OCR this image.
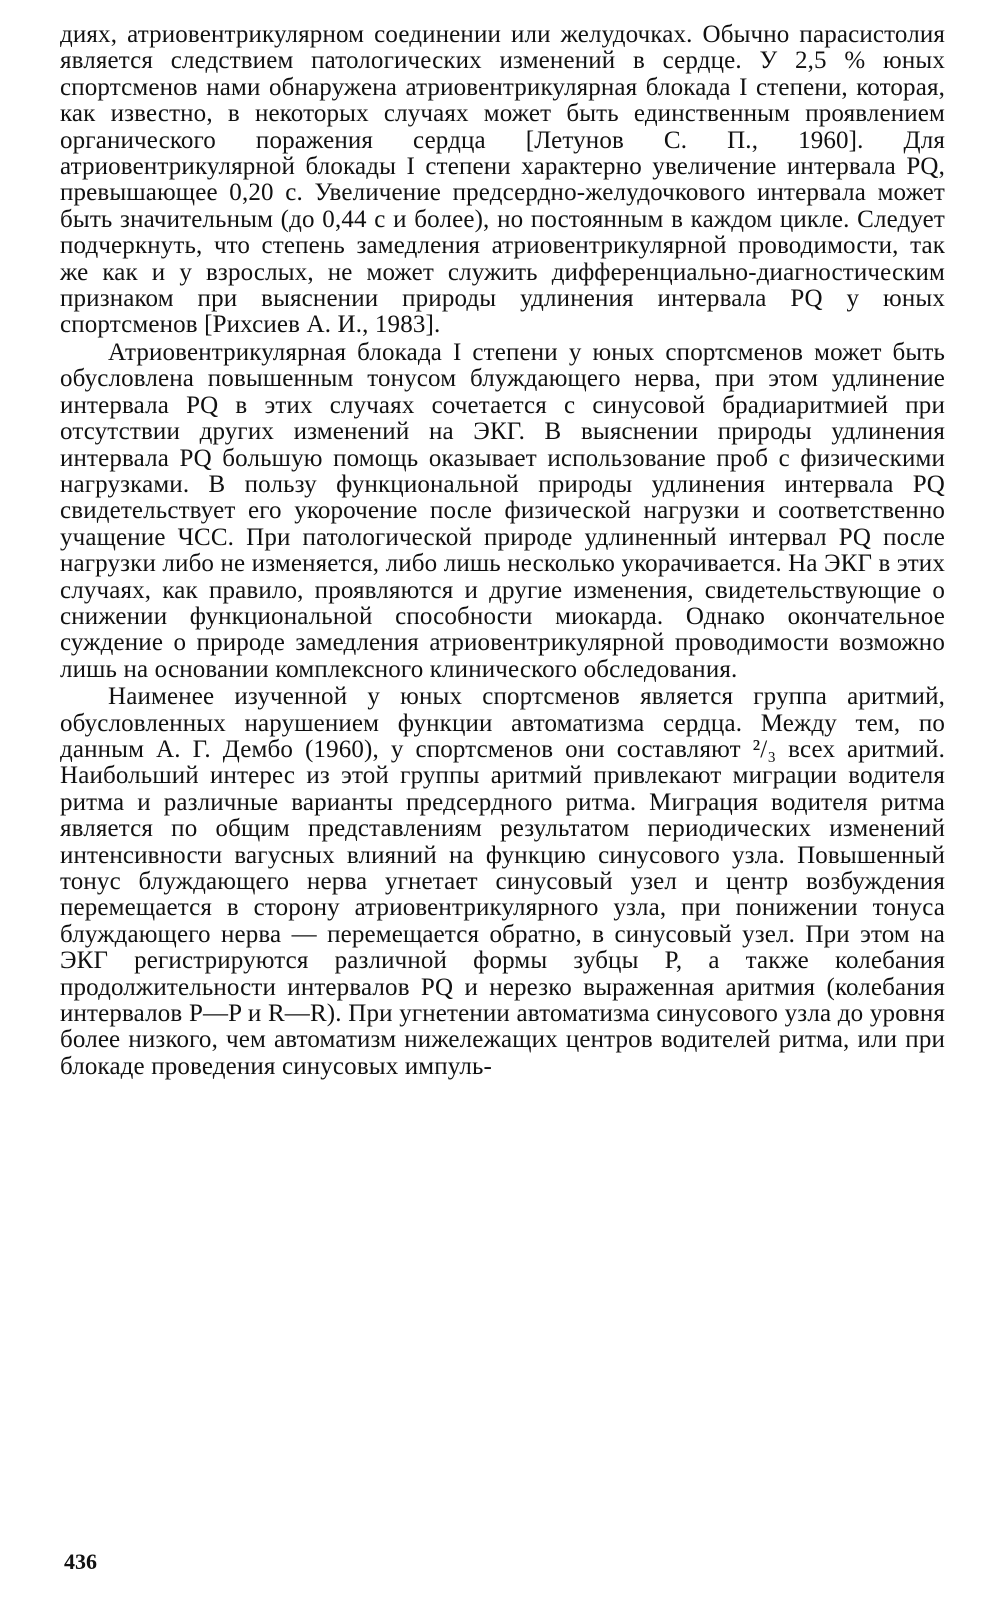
диях, атриовентрикулярном соединении или желудочках. Обычно парасистолия является следствием патологических изменений в сердце. У 2,5 % юных спортсменов нами обнаружена атриовентрикулярная блокада I степени, которая, как известно, в некоторых случаях может быть единственным проявлением органического поражения сердца [Летунов С. П., 1960]. Для атриовентрикулярной блокады I степени характерно увеличение интервала PQ, превышающее 0,20 с. Увеличение предсердно-желудочкового интервала может быть значительным (до 0,44 с и более), но постоянным в каждом цикле. Следует подчеркнуть, что степень замедления атриовентрикулярной проводимости, так же как и у взрослых, не может служить дифференциально-диагностическим признаком при выяснении природы удлинения интервала PQ у юных спортсменов [Рихсиев А. И., 1983].

Атриовентрикулярная блокада I степени у юных спортсменов может быть обусловлена повышенным тонусом блуждающего нерва, при этом удлинение интервала PQ в этих случаях сочетается с синусовой брадиаритмией при отсутствии других изменений на ЭКГ. В выяснении природы удлинения интервала PQ большую помощь оказывает использование проб с физическими нагрузками. В пользу функциональной природы удлинения интервала PQ свидетельствует его укорочение после физической нагрузки и соответственно учащение ЧСС. При патологической природе удлиненный интервал PQ после нагрузки либо не изменяется, либо лишь несколько укорачивается. На ЭКГ в этих случаях, как правило, проявляются и другие изменения, свидетельствующие о снижении функциональной способности миокарда. Однако окончательное суждение о природе замедления атриовентрикулярной проводимости возможно лишь на основании комплексного клинического обследования.

Наименее изученной у юных спортсменов является группа аритмий, обусловленных нарушением функции автоматизма сердца. Между тем, по данным А. Г. Дембо (1960), у спортсменов они составляют ²/₃ всех аритмий. Наибольший интерес из этой группы аритмий привлекают миграции водителя ритма и различные варианты предсердного ритма. Миграция водителя ритма является по общим представлениям результатом периодических изменений интенсивности вагусных влияний на функцию синусового узла. Повышенный тонус блуждающего нерва угнетает синусовый узел и центр возбуждения перемещается в сторону атриовентрикулярного узла, при понижении тонуса блуждающего нерва — перемещается обратно, в синусовый узел. При этом на ЭКГ регистрируются различной формы зубцы P, а также колебания продолжительности интервалов PQ и нерезко выраженная аритмия (колебания интервалов P—P и R—R). При угнетении автоматизма синусового узла до уровня более низкого, чем автоматизм нижележащих центров водителей ритма, или при блокаде проведения синусовых импуль-

436
